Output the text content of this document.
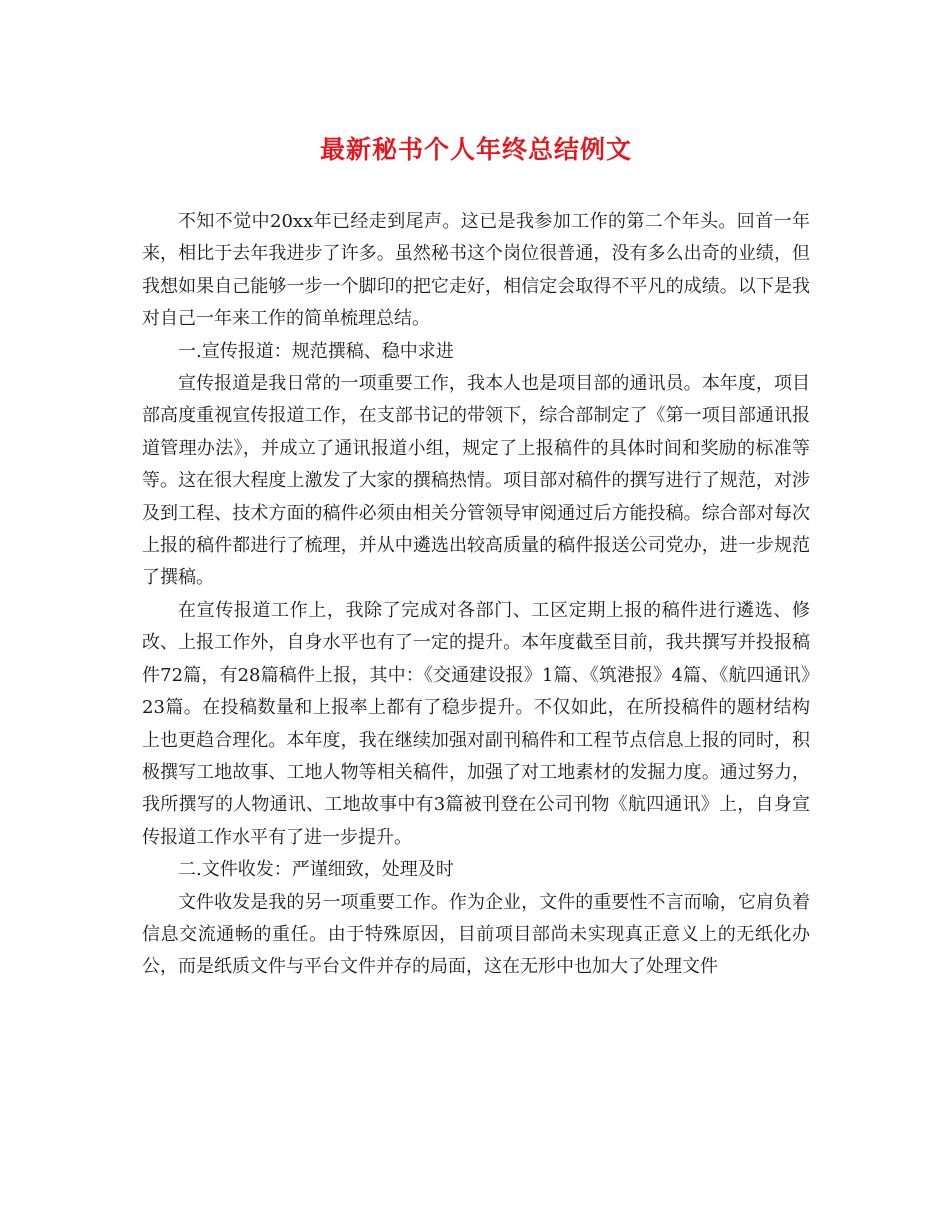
最新秘书个人年终总结例文

不知不觉中20xx年已经走到尾声。这已是我参加工作的第二个年头。回首一年来，相比于去年我进步了许多。虽然秘书这个岗位很普通，没有多么出奇的业绩，但我想如果自己能够一步一个脚印的把它走好，相信定会取得不平凡的成绩。以下是我对自己一年来工作的简单梳理总结。

一.宣传报道：规范撰稿、稳中求进

宣传报道是我日常的一项重要工作，我本人也是项目部的通讯员。本年度，项目部高度重视宣传报道工作，在支部书记的带领下，综合部制定了《第一项目部通讯报道管理办法》，并成立了通讯报道小组，规定了上报稿件的具体时间和奖励的标准等等。这在很大程度上激发了大家的撰稿热情。项目部对稿件的撰写进行了规范，对涉及到工程、技术方面的稿件必须由相关分管领导审阅通过后方能投稿。综合部对每次上报的稿件都进行了梳理，并从中遴选出较高质量的稿件报送公司党办，进一步规范了撰稿。

在宣传报道工作上，我除了完成对各部门、工区定期上报的稿件进行遴选、修改、上报工作外，自身水平也有了一定的提升。本年度截至目前，我共撰写并投报稿件72篇，有28篇稿件上报，其中：《交通建设报》1篇、《筑港报》4篇、《航四通讯》23篇。在投稿数量和上报率上都有了稳步提升。不仅如此，在所投稿件的题材结构上也更趋合理化。本年度，我在继续加强对副刊稿件和工程节点信息上报的同时，积极撰写工地故事、工地人物等相关稿件，加强了对工地素材的发掘力度。通过努力，我所撰写的人物通讯、工地故事中有3篇被刊登在公司刊物《航四通讯》上，自身宣传报道工作水平有了进一步提升。

二.文件收发：严谨细致，处理及时

文件收发是我的另一项重要工作。作为企业，文件的重要性不言而喻，它肩负着信息交流通畅的重任。由于特殊原因，目前项目部尚未实现真正意义上的无纸化办公，而是纸质文件与平台文件并存的局面，这在无形中也加大了处理文件
